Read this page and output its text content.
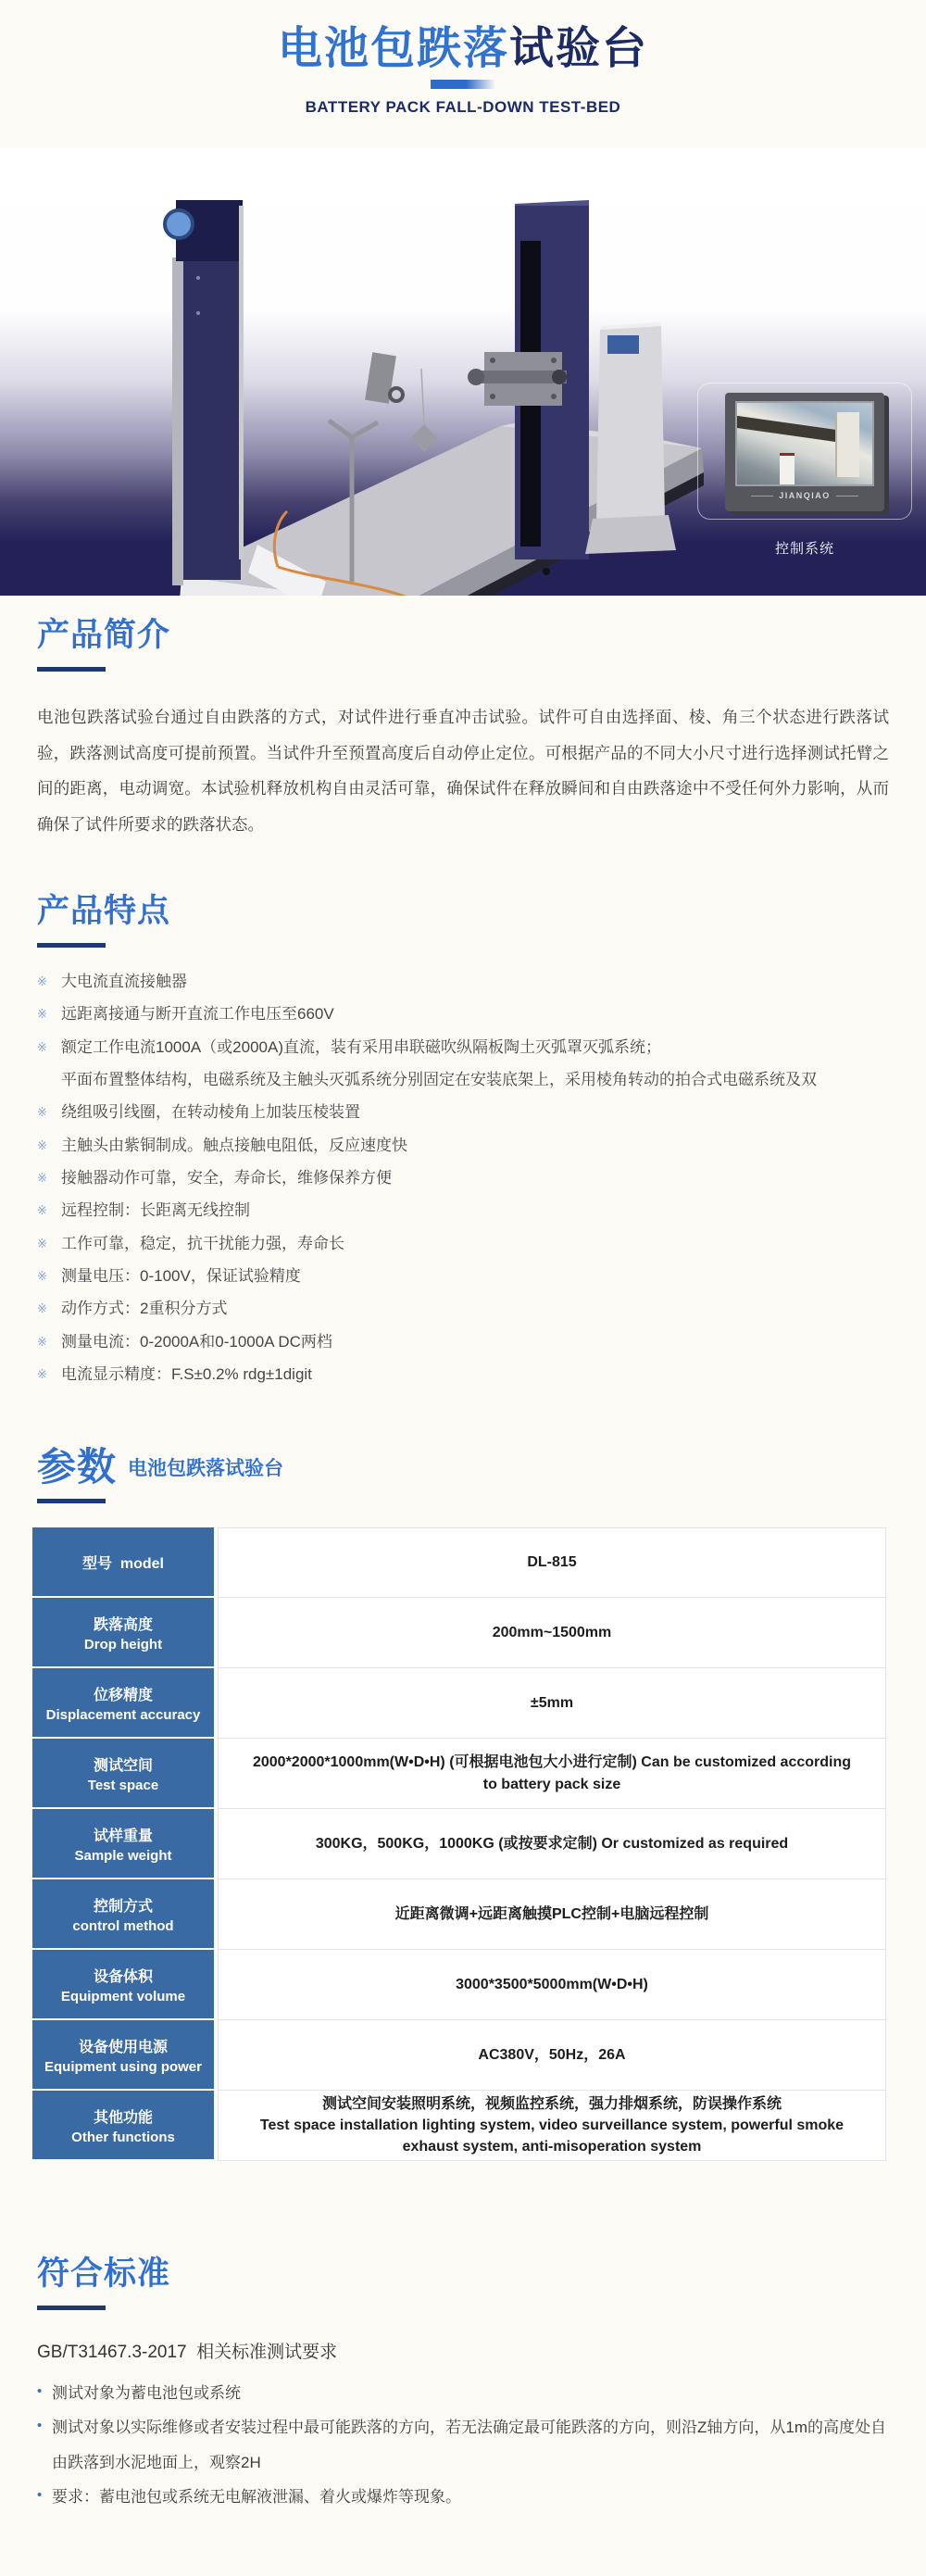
电池包跌落试验台
BATTERY PACK FALL-DOWN TEST-BED
JIANQIAO
控制系统
产品简介

电池包跌落试验台通过自由跌落的方式，对试件进行垂直冲击试验。试件可自由选择面、棱、角三个状态进行跌落试验，跌落测试高度可提前预置。当试件升至预置高度后自动停止定位。可根据产品的不同大小尺寸进行选择测试托臂之间的距离，电动调宽。本试验机释放机构自由灵活可靠，确保试件在释放瞬间和自由跌落途中不受任何外力影响，从而确保了试件所要求的跌落状态。

产品特点
※ 大电流直流接触器
※ 远距离接通与断开直流工作电压至660V
※ 额定工作电流1000A（或2000A)直流，装有采用串联磁吹纵隔板陶土灭弧罩灭弧系统；
平面布置整体结构，电磁系统及主触头灭弧系统分别固定在安装底架上，采用棱角转动的拍合式电磁系统及双
※ 绕组吸引线圈，在转动棱角上加装压棱装置
※ 主触头由紫铜制成。触点接触电阻低，反应速度快
※ 接触器动作可靠，安全，寿命长，维修保养方便
※ 远程控制：长距离无线控制
※ 工作可靠，稳定，抗干扰能力强，寿命长
※ 测量电压：0-100V，保证试验精度
※ 动作方式：2重积分方式
※ 测量电流：0-2000A和0-1000A DC两档
※ 电流显示精度：F.S±0.2% rdg±1digit
参数 $^{电池包跌落试验台}$
型号  model	DL-815
跌落高度
Drop height
200mm~1500mm
位移精度
Displacement accuracy
±5mm
测试空间
Test space
2000*2000*1000mm(W•D•H) (可根据电池包大小进行定制) Can be customized according to battery pack size
试样重量
Sample weight
300KG，500KG，1000KG (或按要求定制) Or customized as required
控制方式
control method
近距离微调+远距离触摸PLC控制+电脑远程控制
设备体积
Equipment volume
3000*3500*5000mm(W•D•H)
设备使用电源
Equipment using power
AC380V，50Hz，26A
其他功能
Other functions
测试空间安装照明系统，视频监控系统，强力排烟系统，防误操作系统
Test space installation lighting system, video surveillance system, powerful smoke exhaust system, anti-misoperation system
符合标准
GB/T31467.3-2017  相关标准测试要求
• 测试对象为蓄电池包或系统
• 测试对象以实际维修或者安装过程中最可能跌落的方向，若无法确定最可能跌落的方向，则沿Z轴方向，从1m的高度处自由跌落到水泥地面上，观察2H
• 要求：蓄电池包或系统无电解液泄漏、着火或爆炸等现象。
